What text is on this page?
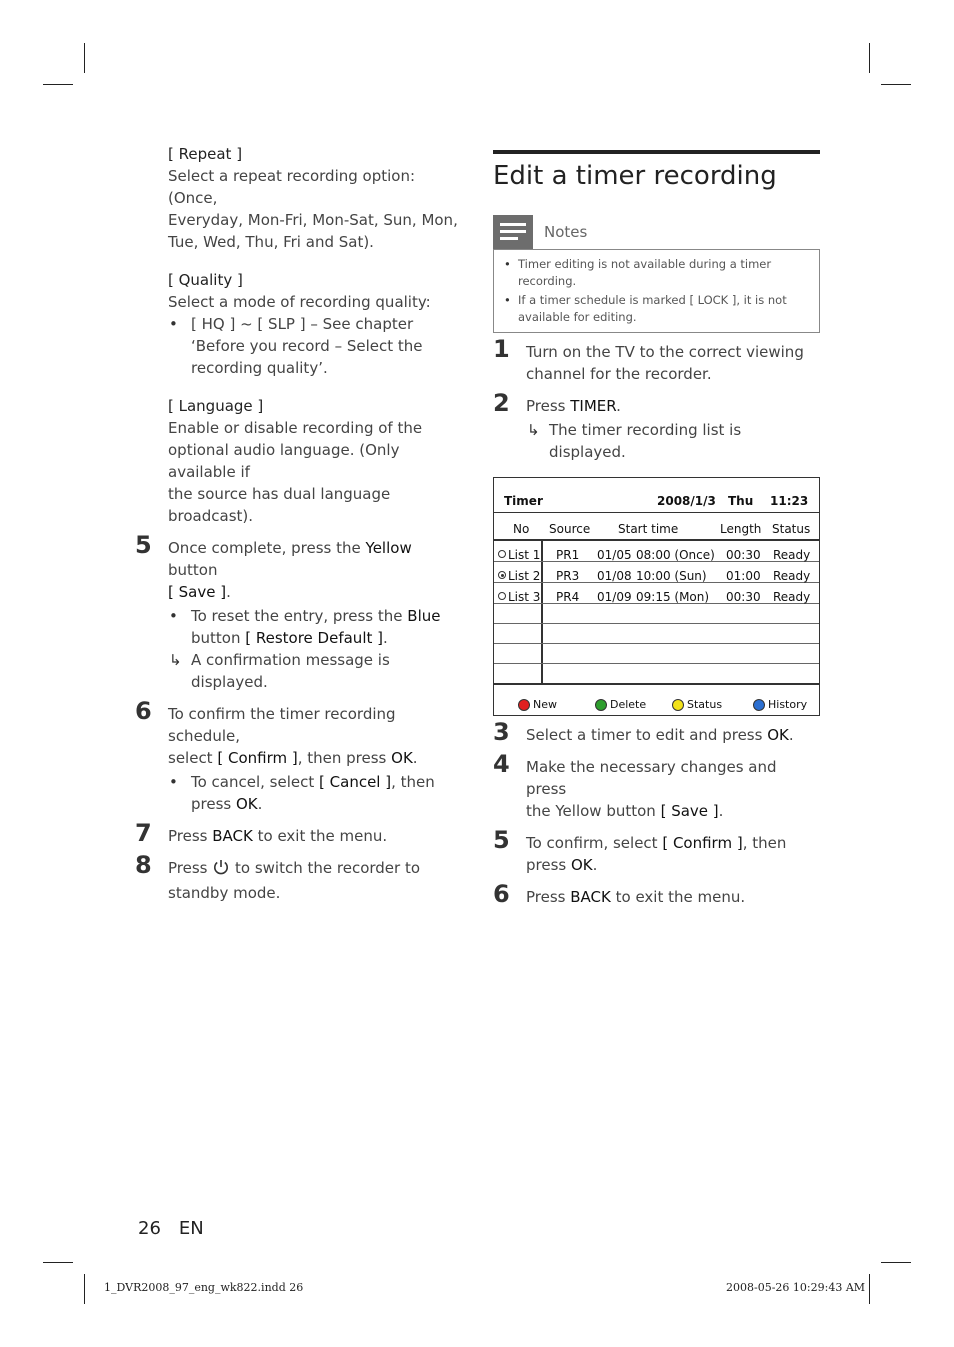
[ Repeat ]
Select a repeat recording option: (Once,
Everyday, Mon-Fri, Mon-Sat, Sun, Mon,
Tue, Wed, Thu, Fri and Sat).
[ Quality ]
Select a mode of recording quality:
• [ HQ ] ~ [ SLP ] – See chapter
‘Before you record – Select the
recording quality’.
[ Language ]
Enable or disable recording of the
optional audio language. (Only available if
the source has dual language broadcast).
5 Once complete, press the Yellow button
[ Save ].
• To reset the entry, press the Blue
button [ Restore Default ].
↳ A confirmation message is displayed.
6 To confirm the timer recording schedule,
select [ Confirm ], then press OK.
• To cancel, select [ Cancel ], then
press OK.
7 Press BACK to exit the menu.
8 Press  to switch the recorder to
standby mode.
Edit a timer recording
Notes
• Timer editing is not available during a timer
recording.
• If a timer schedule is marked [ LOCK ], it is not
available for editing.
1 Turn on the TV to the correct viewing
channel for the recorder.
2 Press TIMER.
↳ The timer recording list is displayed.
Timer	2008/1/3 Thu 11:23
No Source Start time	Length Status
List 1 PR1 01/05 08:00 (Once) 00:30 Ready
List 2 PR3 01/08 10:00 (Sun) 01:00 Ready
List 3 PR4 01/09 09:15 (Mon) 00:30 Ready
New	Delete	Status	History
3 Select a timer to edit and press OK.
4 Make the necessary changes and press
the Yellow button [ Save ].
5 To confirm, select [ Confirm ], then
press OK.
6 Press BACK to exit the menu.
26 EN
1_DVR2008_97_eng_wk822.indd 26	2008-05-26 10:29:43 AM
